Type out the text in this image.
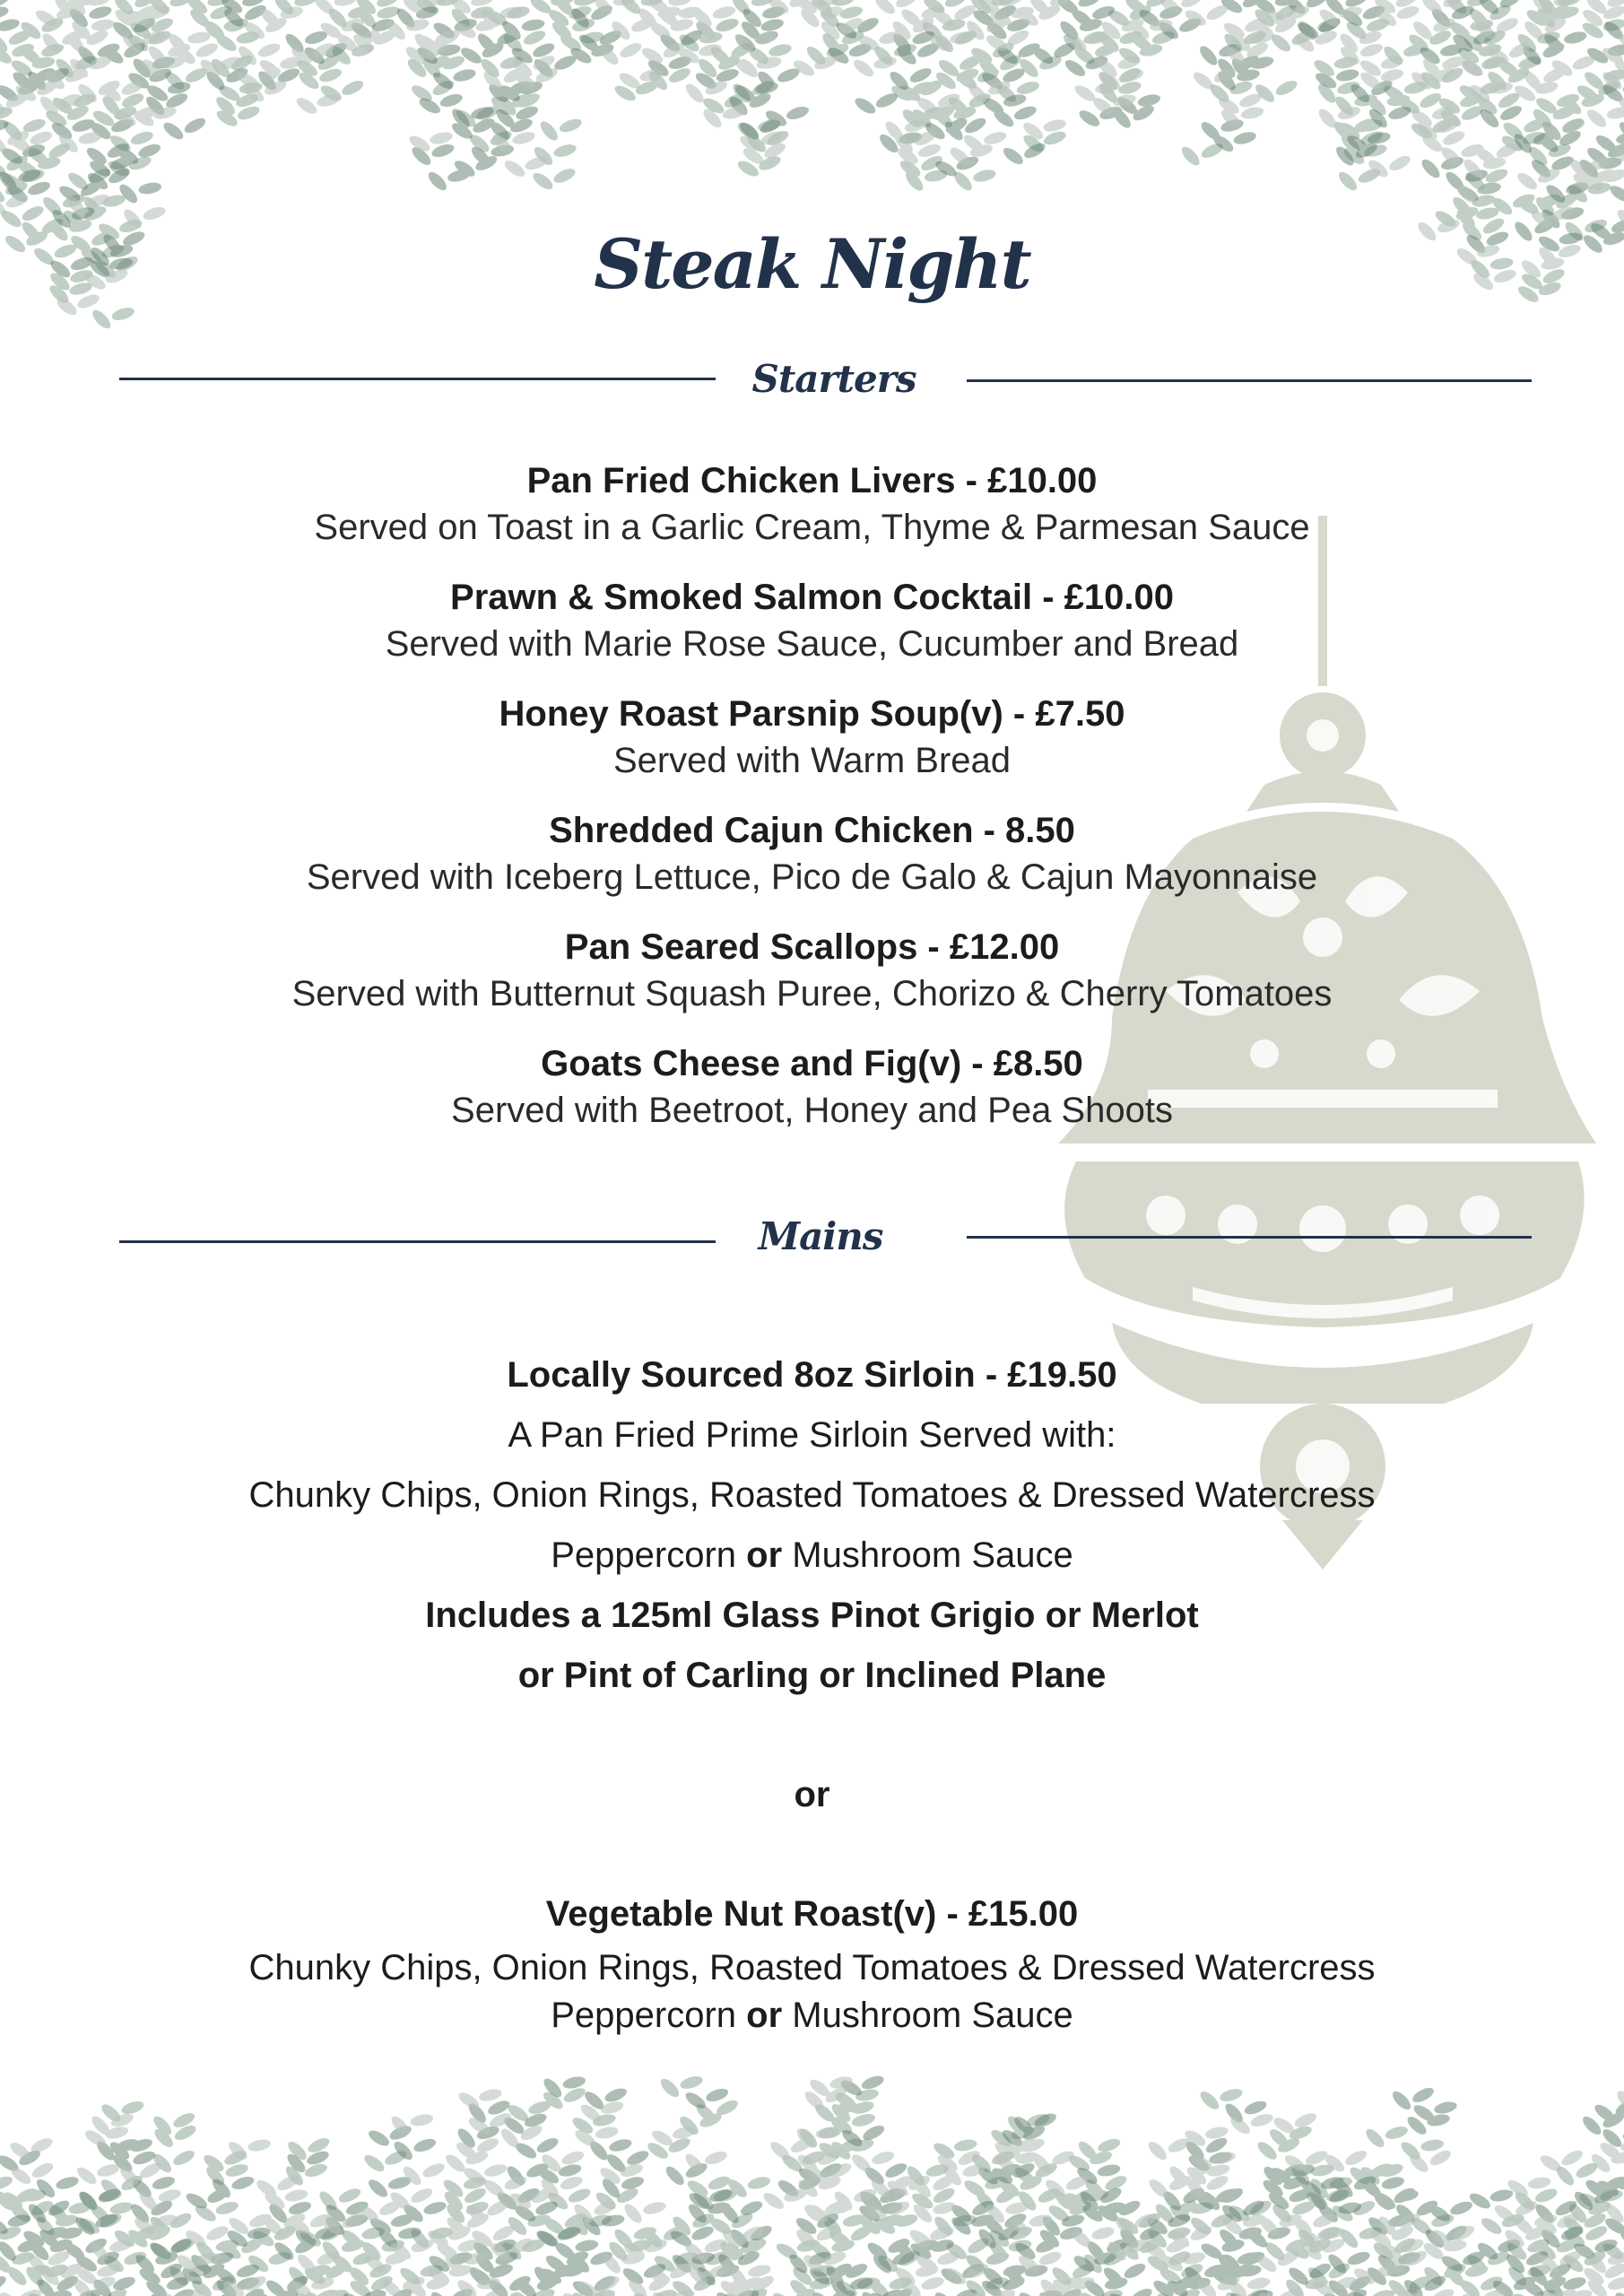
Steak Night
Starters
Pan Fried Chicken Livers - £10.00
Served on Toast in a Garlic Cream, Thyme & Parmesan Sauce
Prawn & Smoked Salmon Cocktail - £10.00
Served with Marie Rose Sauce, Cucumber and Bread
Honey Roast Parsnip Soup(v) - £7.50
Served with Warm Bread
Shredded Cajun Chicken - 8.50
Served with Iceberg Lettuce, Pico de Galo & Cajun Mayonnaise
Pan Seared Scallops - £12.00
Served with Butternut Squash Puree, Chorizo & Cherry Tomatoes
Goats Cheese and Fig(v) - £8.50
Served with Beetroot, Honey and Pea Shoots
Mains
Locally Sourced 8oz Sirloin - £19.50
A Pan Fried Prime Sirloin Served with:
Chunky Chips, Onion Rings, Roasted Tomatoes & Dressed Watercress
Peppercorn or Mushroom Sauce
Includes a 125ml Glass Pinot Grigio or Merlot
or Pint of Carling or Inclined Plane
or
Vegetable Nut Roast(v) - £15.00
Chunky Chips, Onion Rings, Roasted Tomatoes & Dressed Watercress
Peppercorn or Mushroom Sauce
